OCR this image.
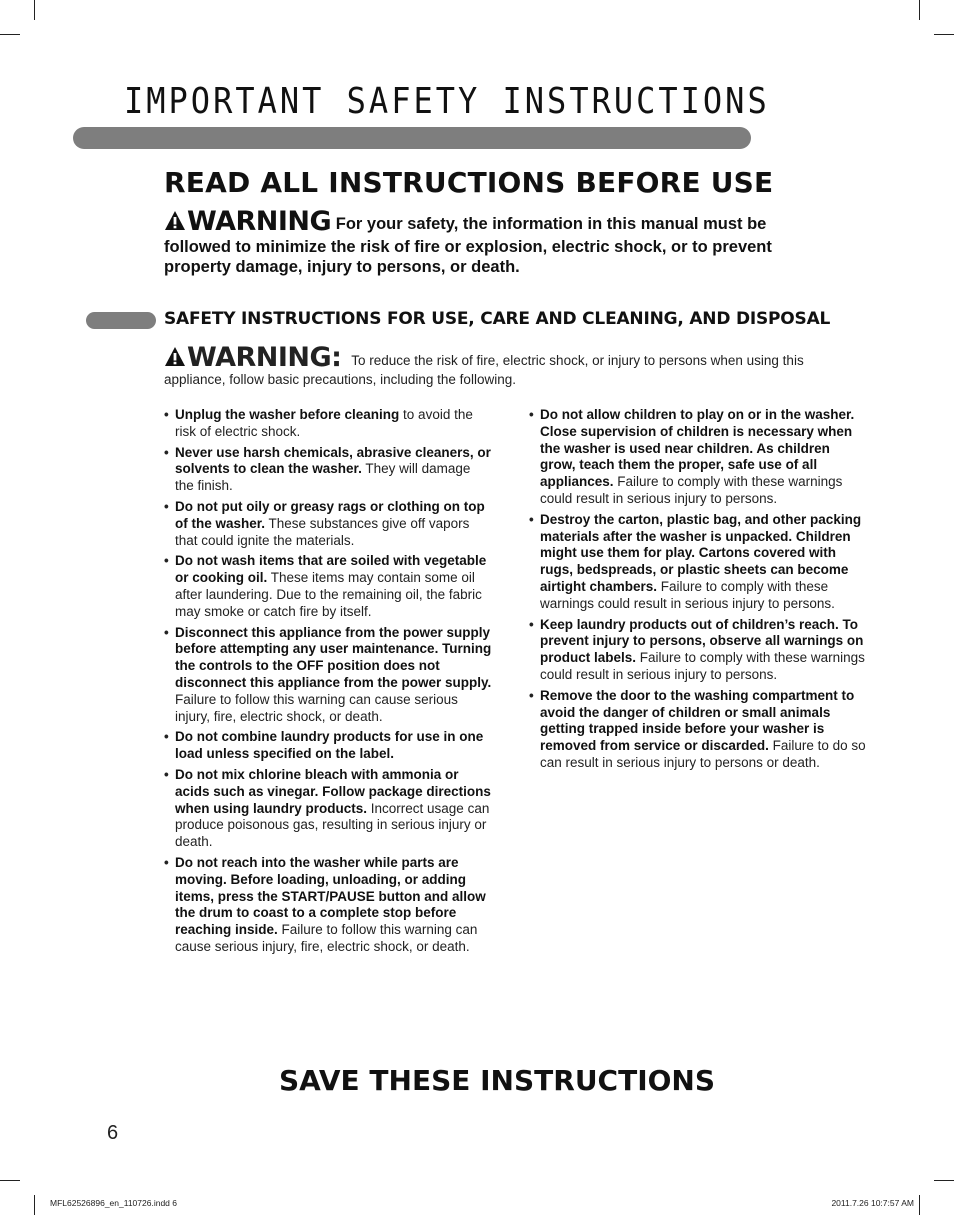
IMPORTANT SAFETY INSTRUCTIONS
READ ALL INSTRUCTIONS BEFORE USE
WARNING For your safety, the information in this manual must be followed to minimize the risk of fire or explosion, electric shock, or to prevent property damage, injury to persons, or death.
SAFETY INSTRUCTIONS FOR USE, CARE AND CLEANING, AND DISPOSAL
WARNING: To reduce the risk of fire, electric shock, or injury to persons when using this appliance, follow basic precautions, including the following.
• Unplug the washer before cleaning to avoid the risk of electric shock.
• Never use harsh chemicals, abrasive cleaners, or solvents to clean the washer. They will damage the finish.
• Do not put oily or greasy rags or clothing on top of the washer. These substances give off vapors that could ignite the materials.
• Do not wash items that are soiled with vegetable or cooking oil. These items may contain some oil after laundering. Due to the remaining oil, the fabric may smoke or catch fire by itself.
• Disconnect this appliance from the power supply before attempting any user maintenance. Turning the controls to the OFF position does not disconnect this appliance from the power supply. Failure to follow this warning can cause serious injury, fire, electric shock, or death.
• Do not combine laundry products for use in one load unless specified on the label.
• Do not mix chlorine bleach with ammonia or acids such as vinegar. Follow package directions when using laundry products. Incorrect usage can produce poisonous gas, resulting in serious injury or death.
• Do not reach into the washer while parts are moving. Before loading, unloading, or adding items, press the START/PAUSE button and allow the drum to coast to a complete stop before reaching inside. Failure to follow this warning can cause serious injury, fire, electric shock, or death.
• Do not allow children to play on or in the washer. Close supervision of children is necessary when the washer is used near children. As children grow, teach them the proper, safe use of all appliances. Failure to comply with these warnings could result in serious injury to persons.
• Destroy the carton, plastic bag, and other packing materials after the washer is unpacked. Children might use them for play. Cartons covered with rugs, bedspreads, or plastic sheets can become airtight chambers. Failure to comply with these warnings could result in serious injury to persons.
• Keep laundry products out of children’s reach. To prevent injury to persons, observe all warnings on product labels. Failure to comply with these warnings could result in serious injury to persons.
• Remove the door to the washing compartment to avoid the danger of children or small animals getting trapped inside before your washer is removed from service or discarded. Failure to do so can result in serious injury to persons or death.
SAVE THESE INSTRUCTIONS
6
MFL62526896_en_110726.indd 6	2011.7.26 10:7:57 AM
